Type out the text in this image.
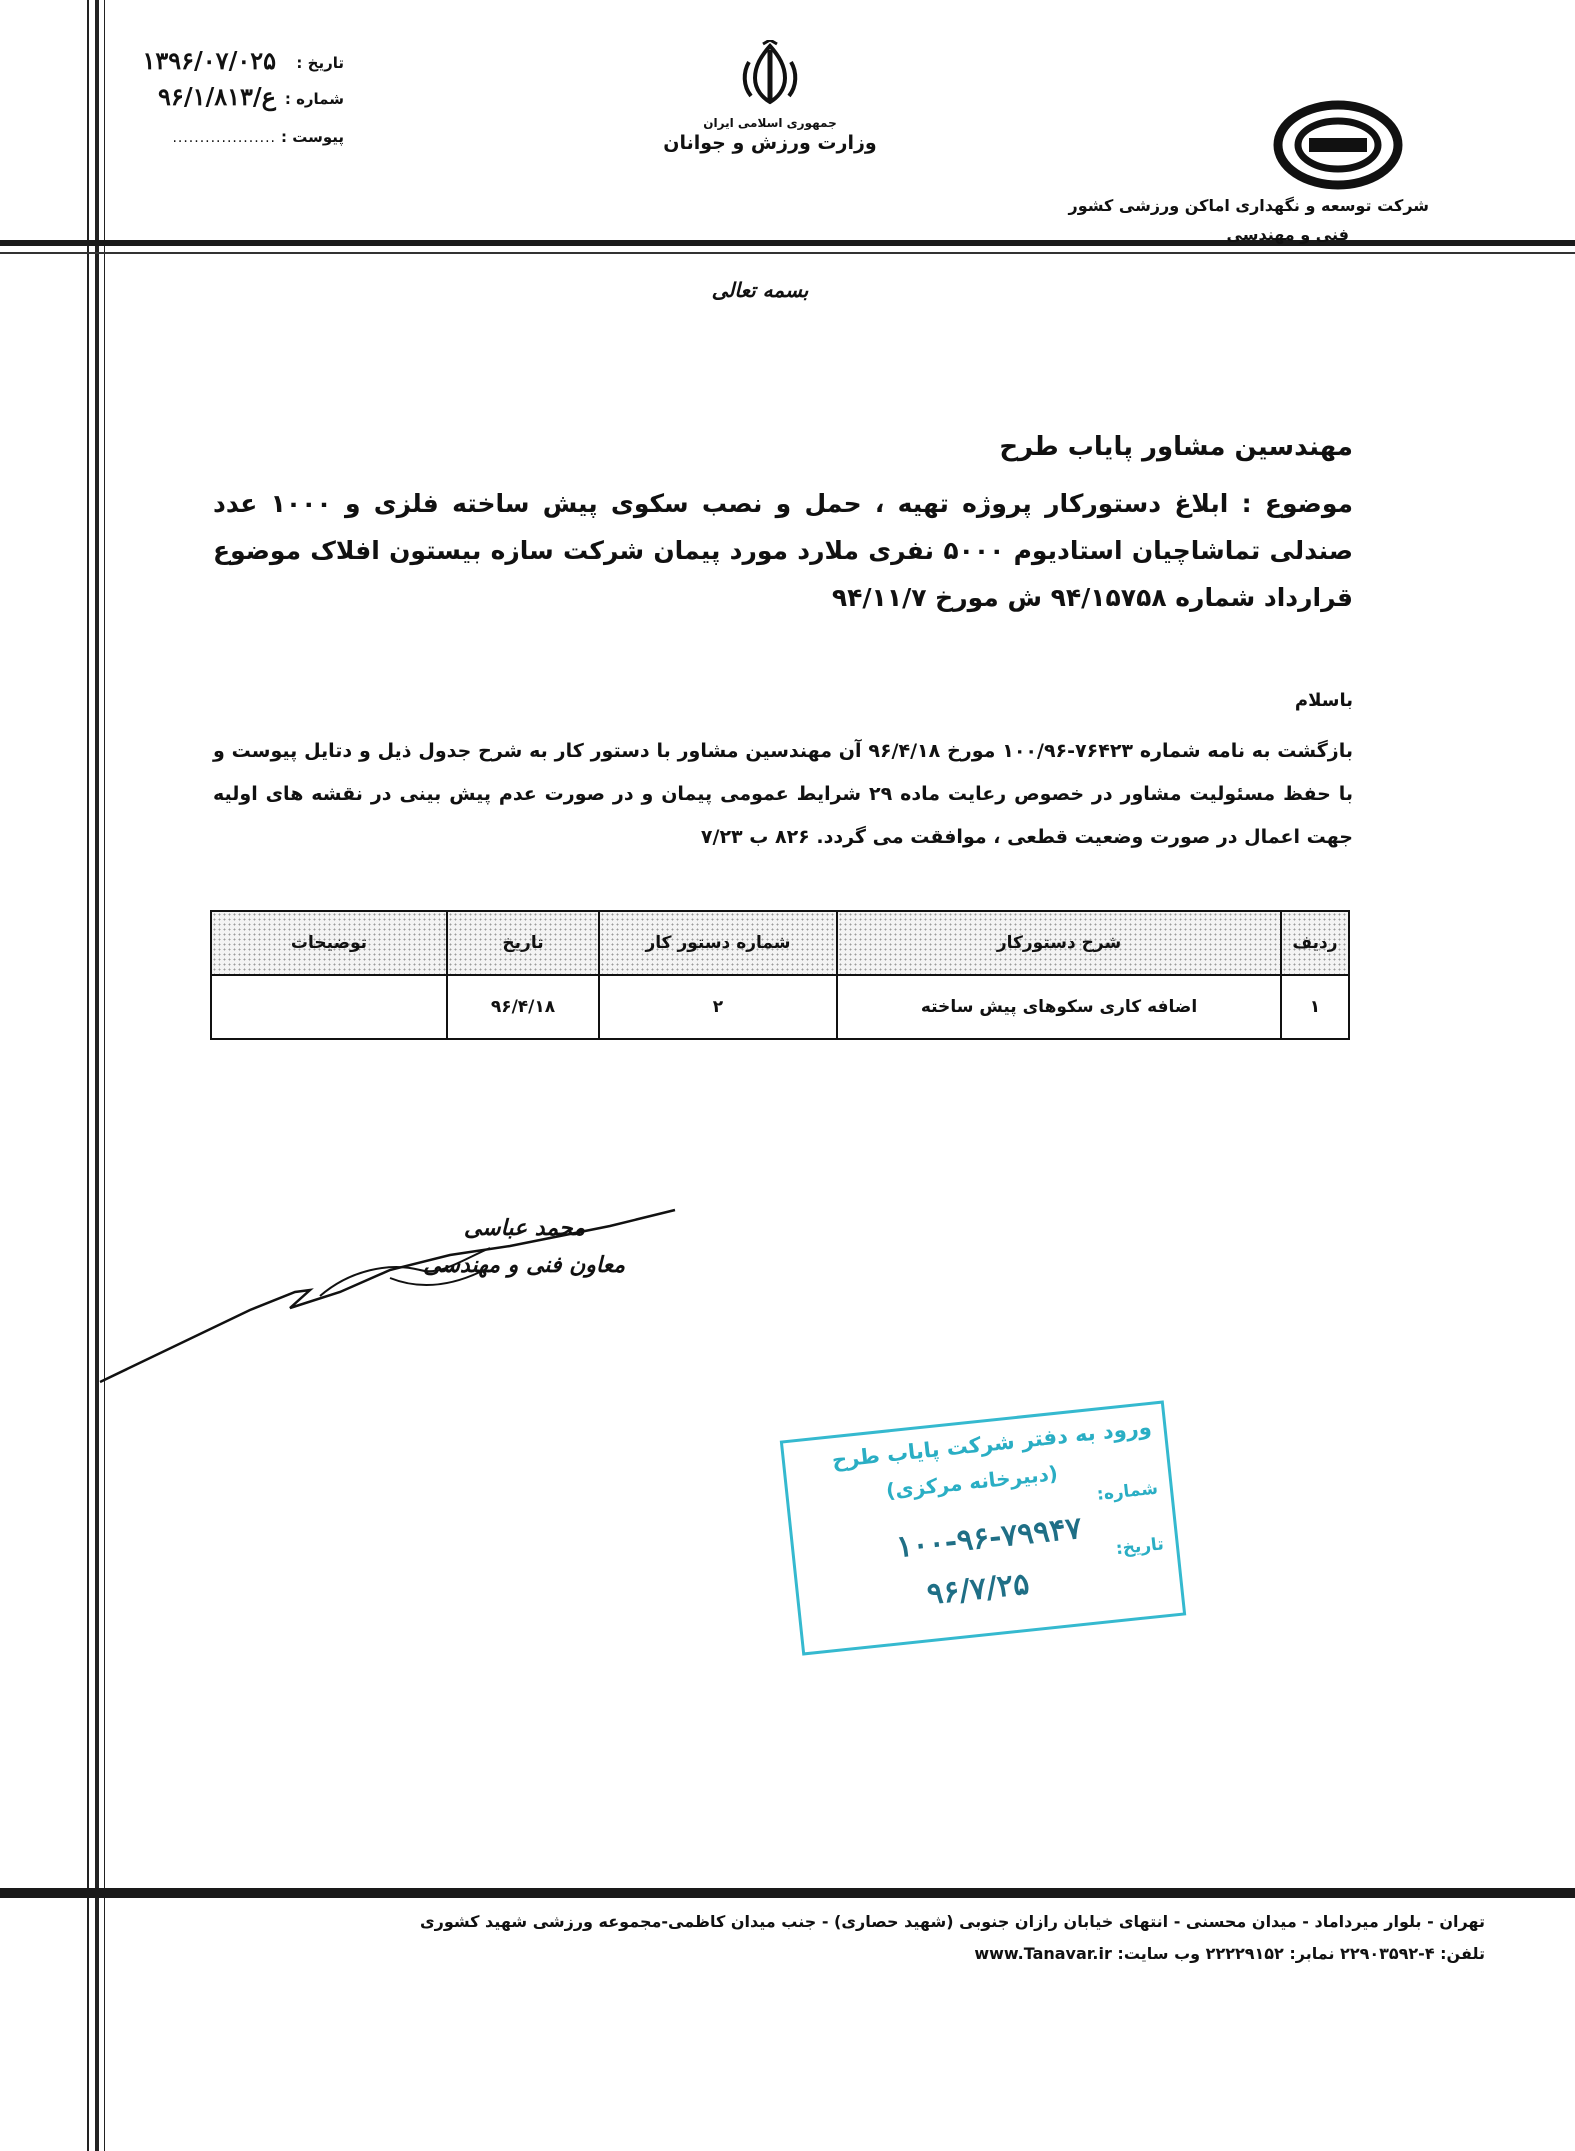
تاریخ :
۱۳۹۶/۰۷/۰۲۵
شماره :
۹۶/۱/ع/۸۱۳
پیوست :
...................
جمهوری اسلامی ایران
وزارت ورزش و جوانان
شرکت توسعه و نگهداری اماکن ورزشی کشور
فنی و مهندسی
بسمه تعالی
مهندسین مشاور پایاب طرح
موضوع : ابلاغ دستورکار پروژه تهیه ، حمل و نصب سکوی پیش ساخته فلزی و ۱۰۰۰ عدد صندلی تماشاچیان استادیوم ۵۰۰۰ نفری ملارد مورد پیمان شرکت سازه بیستون افلاک موضوع قرارداد شماره ۹۴/۱۵۷۵۸ ش مورخ ۹۴/۱۱/۷
باسلام
بازگشت به نامه شماره ۷۶۴۲۳-۱۰۰/۹۶ مورخ ۹۶/۴/۱۸ آن مهندسین مشاور با دستور کار به شرح جدول ذیل و دتایل پیوست و با حفظ مسئولیت مشاور در خصوص رعایت ماده ۲۹ شرایط عمومی پیمان و در صورت عدم پیش بینی در نقشه های اولیه جهت اعمال در صورت وضعیت قطعی ، موافقت می گردد. ۸۲۶ ب ۷/۲۳
ردیف	شرح دستورکار	شماره دستور کار	تاریخ	توضیحات
۱	اضافه کاری سکوهای پیش ساخته	۲	۹۶/۴/۱۸	
محمد عباسی
معاون فنی و مهندسی
ورود به دفتر شرکت پایاب طرح
(دبیرخانه مرکزی) شماره:
تاریخ:
۱۰۰-۹۶-۷۹۹۴۷
۹۶/۷/۲۵
تهران - بلوار میرداماد - میدان محسنی - انتهای خیابان رازان جنوبی (شهید حصاری) - جنب میدان کاظمی-مجموعه ورزشی شهید کشوری
تلفن: ۴-۲۲۹۰۳۵۹۲ نمابر: ۲۲۲۲۹۱۵۲ وب سایت: www.Tanavar.ir
